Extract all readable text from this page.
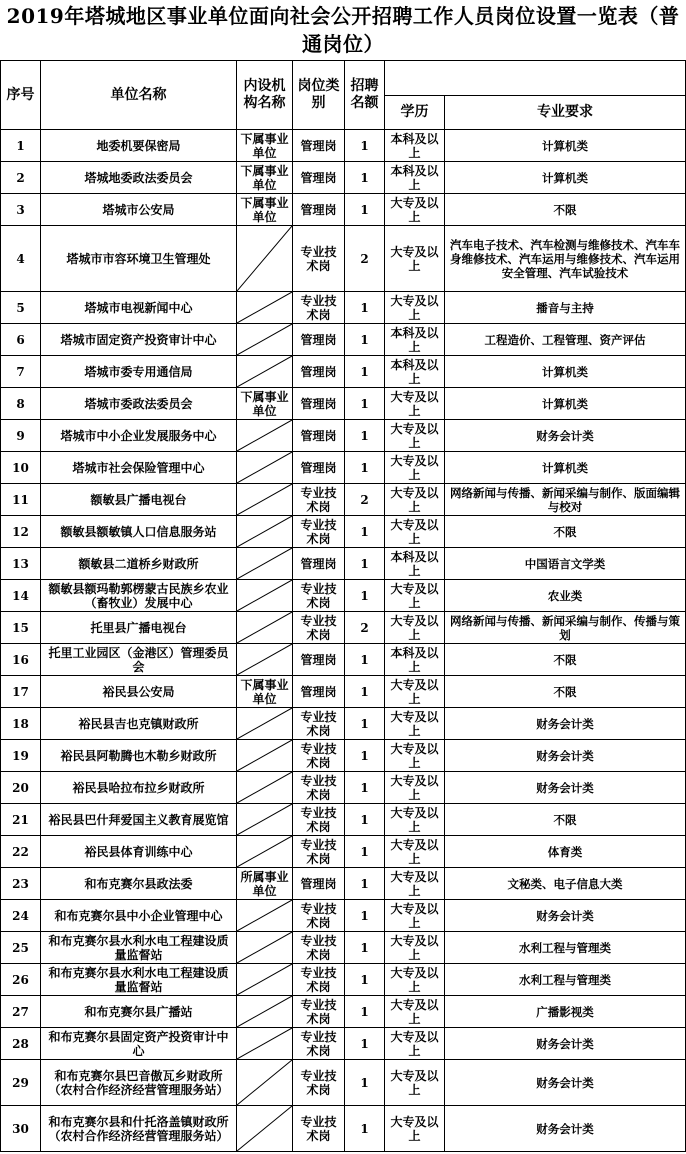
2019年塔城地区事业单位面向社会公开招聘工作人员岗位设置一览表（普通岗位）
序号	单位名称	内设机构名称	岗位类别	招聘名额		
					学历	专业要求
1	地委机要保密局	下属事业单位	管理岗	1	本科及以上	计算机类
2	塔城地委政法委员会	下属事业单位	管理岗	1	本科及以上	计算机类
3	塔城市公安局	下属事业单位	管理岗	1	大专及以上	不限
4	塔城市市容环境卫生管理处		专业技术岗	2	大专及以上	汽车电子技术、汽车检测与维修技术、汽车车身维修技术、汽车运用与维修技术、汽车运用安全管理、汽车试验技术
5	塔城市电视新闻中心		专业技术岗	1	大专及以上	播音与主持
6	塔城市固定资产投资审计中心		管理岗	1	本科及以上	工程造价、工程管理、资产评估
7	塔城市委专用通信局		管理岗	1	本科及以上	计算机类
8	塔城市委政法委员会	下属事业单位	管理岗	1	大专及以上	计算机类
9	塔城市中小企业发展服务中心		管理岗	1	大专及以上	财务会计类
10	塔城市社会保险管理中心		管理岗	1	大专及以上	计算机类
11	额敏县广播电视台		专业技术岗	2	大专及以上	网络新闻与传播、新闻采编与制作、版面编辑与校对
12	额敏县额敏镇人口信息服务站		专业技术岗	1	大专及以上	不限
13	额敏县二道桥乡财政所		管理岗	1	本科及以上	中国语言文学类
14	额敏县额玛勒郭楞蒙古民族乡农业（畜牧业）发展中心		专业技术岗	1	大专及以上	农业类
15	托里县广播电视台		专业技术岗	2	大专及以上	网络新闻与传播、新闻采编与制作、传播与策划
16	托里工业园区（金港区）管理委员会		管理岗	1	本科及以上	不限
17	裕民县公安局	下属事业单位	管理岗	1	大专及以上	不限
18	裕民县吉也克镇财政所		专业技术岗	1	大专及以上	财务会计类
19	裕民县阿勒腾也木勒乡财政所		专业技术岗	1	大专及以上	财务会计类
20	裕民县哈拉布拉乡财政所		专业技术岗	1	大专及以上	财务会计类
21	裕民县巴什拜爱国主义教育展览馆		专业技术岗	1	大专及以上	不限
22	裕民县体育训练中心		专业技术岗	1	大专及以上	体育类
23	和布克赛尔县政法委	所属事业单位	管理岗	1	大专及以上	文秘类、电子信息大类
24	和布克赛尔县中小企业管理中心		专业技术岗	1	大专及以上	财务会计类
25	和布克赛尔县水利水电工程建设质量监督站		专业技术岗	1	大专及以上	水利工程与管理类
26	和布克赛尔县水利水电工程建设质量监督站		专业技术岗	1	大专及以上	水利工程与管理类
27	和布克赛尔县广播站		专业技术岗	1	大专及以上	广播影视类
28	和布克赛尔县固定资产投资审计中心		专业技术岗	1	大专及以上	财务会计类
29	和布克赛尔县巴音傲瓦乡财政所（农村合作经济经营管理服务站）		专业技术岗	1	大专及以上	财务会计类
30	和布克赛尔县和什托洛盖镇财政所（农村合作经济经营管理服务站）		专业技术岗	1	大专及以上	财务会计类
